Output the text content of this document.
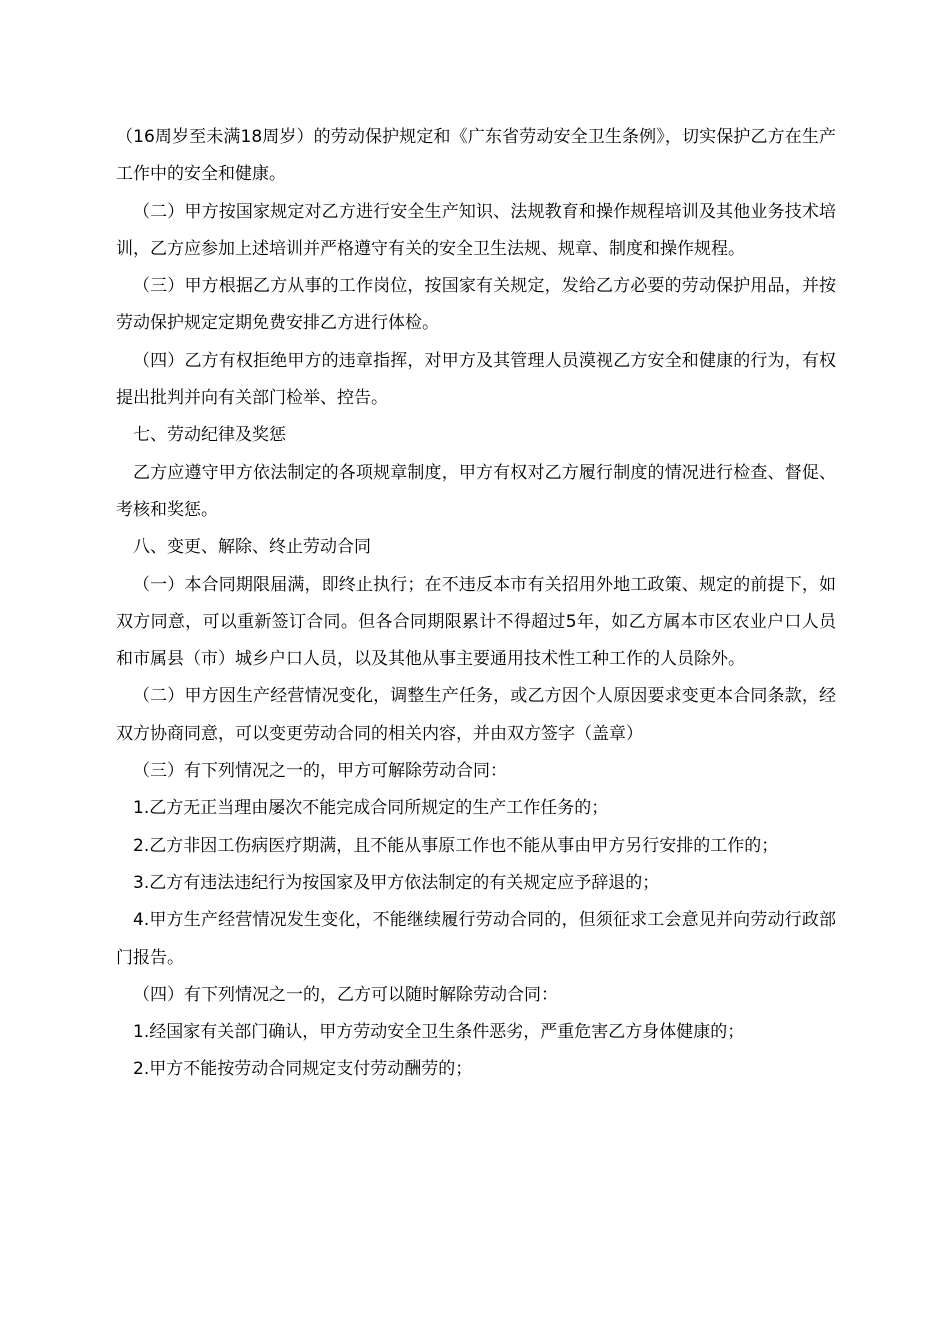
（16周岁至未满18周岁）的劳动保护规定和《广东省劳动安全卫生条例》，切实保护乙方在生产工作中的安全和健康。

（二）甲方按国家规定对乙方进行安全生产知识、法规教育和操作规程培训及其他业务技术培训，乙方应参加上述培训并严格遵守有关的安全卫生法规、规章、制度和操作规程。

（三）甲方根据乙方从事的工作岗位，按国家有关规定，发给乙方必要的劳动保护用品，并按劳动保护规定定期免费安排乙方进行体检。

（四）乙方有权拒绝甲方的违章指挥，对甲方及其管理人员漠视乙方安全和健康的行为，有权提出批判并向有关部门检举、控告。

七、劳动纪律及奖惩

乙方应遵守甲方依法制定的各项规章制度，甲方有权对乙方履行制度的情况进行检查、督促、考核和奖惩。

八、变更、解除、终止劳动合同

（一）本合同期限届满，即终止执行；在不违反本市有关招用外地工政策、规定的前提下，如双方同意，可以重新签订合同。但各合同期限累计不得超过5年，如乙方属本市区农业户口人员和市属县（市）城乡户口人员，以及其他从事主要通用技术性工种工作的人员除外。

（二）甲方因生产经营情况变化，调整生产任务，或乙方因个人原因要求变更本合同条款，经双方协商同意，可以变更劳动合同的相关内容，并由双方签字（盖章）

（三）有下列情况之一的，甲方可解除劳动合同：

1.乙方无正当理由屡次不能完成合同所规定的生产工作任务的；

2.乙方非因工伤病医疗期满，且不能从事原工作也不能从事由甲方另行安排的工作的；

3.乙方有违法违纪行为按国家及甲方依法制定的有关规定应予辞退的；

4.甲方生产经营情况发生变化，不能继续履行劳动合同的，但须征求工会意见并向劳动行政部门报告。

（四）有下列情况之一的，乙方可以随时解除劳动合同：

1.经国家有关部门确认，甲方劳动安全卫生条件恶劣，严重危害乙方身体健康的；

2.甲方不能按劳动合同规定支付劳动酬劳的；
